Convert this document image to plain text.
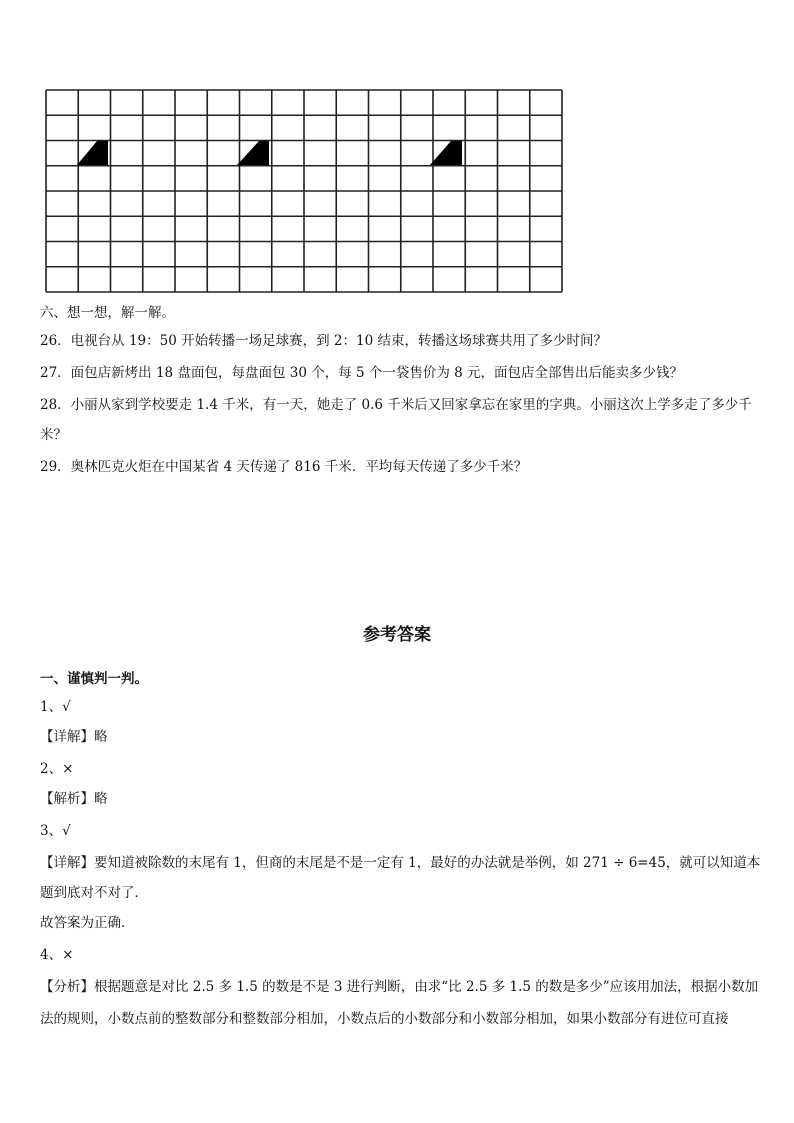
六、想一想，解一解。
26．电视台从 19：50 开始转播一场足球赛，到 2：10 结束，转播这场球赛共用了多少时间？
27．面包店新烤出 18 盘面包，每盘面包 30 个，每 5 个一袋售价为 8 元，面包店全部售出后能卖多少钱？
28．小丽从家到学校要走 1.4 千米，有一天，她走了 0.6 千米后又回家拿忘在家里的字典。小丽这次上学多走了多少千
米？
29．奥林匹克火炬在中国某省 4 天传递了 816 千米．平均每天传递了多少千米？
参考答案
一、谨慎判一判。
1、√
【详解】略
2、×
【解析】略
3、√
【详解】要知道被除数的末尾有 1，但商的末尾是不是一定有 1，最好的办法就是举例，如 271 ÷ 6=45，就可以知道本
题到底对不对了．
故答案为正确．
4、×
【分析】根据题意是对比 2.5 多 1.5 的数是不是 3 进行判断，由求“比 2.5 多 1.5 的数是多少”应该用加法，根据小数加
法的规则，小数点前的整数部分和整数部分相加，小数点后的小数部分和小数部分相加，如果小数部分有进位可直接
